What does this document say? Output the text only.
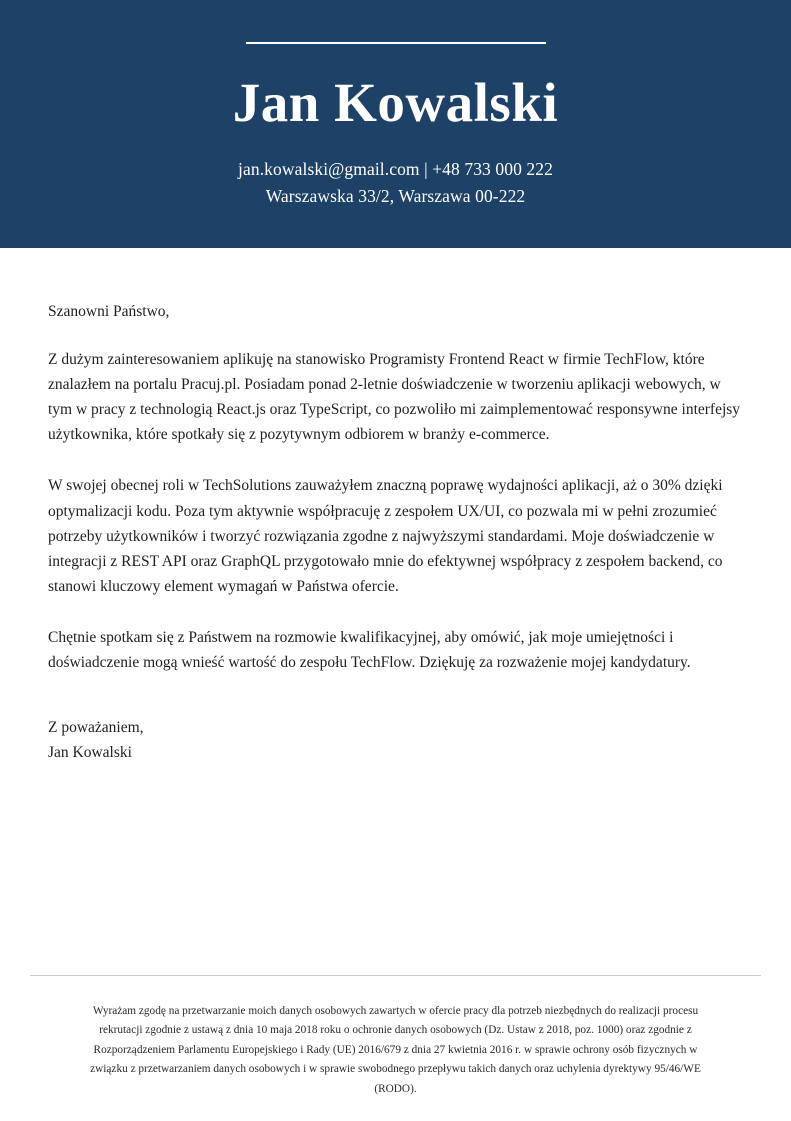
Jan Kowalski
jan.kowalski@gmail.com | +48 733 000 222
Warszawska 33/2, Warszawa 00-222

Szanowni Państwo,

Z dużym zainteresowaniem aplikuję na stanowisko Programisty Frontend React w firmie TechFlow, które znalazłem na portalu Pracuj.pl. Posiadam ponad 2-letnie doświadczenie w tworzeniu aplikacji webowych, w tym w pracy z technologią React.js oraz TypeScript, co pozwoliło mi zaimplementować responsywne interfejsy użytkownika, które spotkały się z pozytywnym odbiorem w branży e-commerce.

W swojej obecnej roli w TechSolutions zauważyłem znaczną poprawę wydajności aplikacji, aż o 30% dzięki optymalizacji kodu. Poza tym aktywnie współpracuję z zespołem UX/UI, co pozwala mi w pełni zrozumieć potrzeby użytkowników i tworzyć rozwiązania zgodne z najwyższymi standardami. Moje doświadczenie w integracji z REST API oraz GraphQL przygotowało mnie do efektywnej współpracy z zespołem backend, co stanowi kluczowy element wymagań w Państwa ofercie.

Chętnie spotkam się z Państwem na rozmowie kwalifikacyjnej, aby omówić, jak moje umiejętności i doświadczenie mogą wnieść wartość do zespołu TechFlow. Dziękuję za rozważenie mojej kandydatury.

Z poważaniem,
Jan Kowalski

Wyrażam zgodę na przetwarzanie moich danych osobowych zawartych w ofercie pracy dla potrzeb niezbędnych do realizacji procesu rekrutacji zgodnie z ustawą z dnia 10 maja 2018 roku o ochronie danych osobowych (Dz. Ustaw z 2018, poz. 1000) oraz zgodnie z Rozporządzeniem Parlamentu Europejskiego i Rady (UE) 2016/679 z dnia 27 kwietnia 2016 r. w sprawie ochrony osób fizycznych w związku z przetwarzaniem danych osobowych i w sprawie swobodnego przepływu takich danych oraz uchylenia dyrektywy 95/46/WE (RODO).
